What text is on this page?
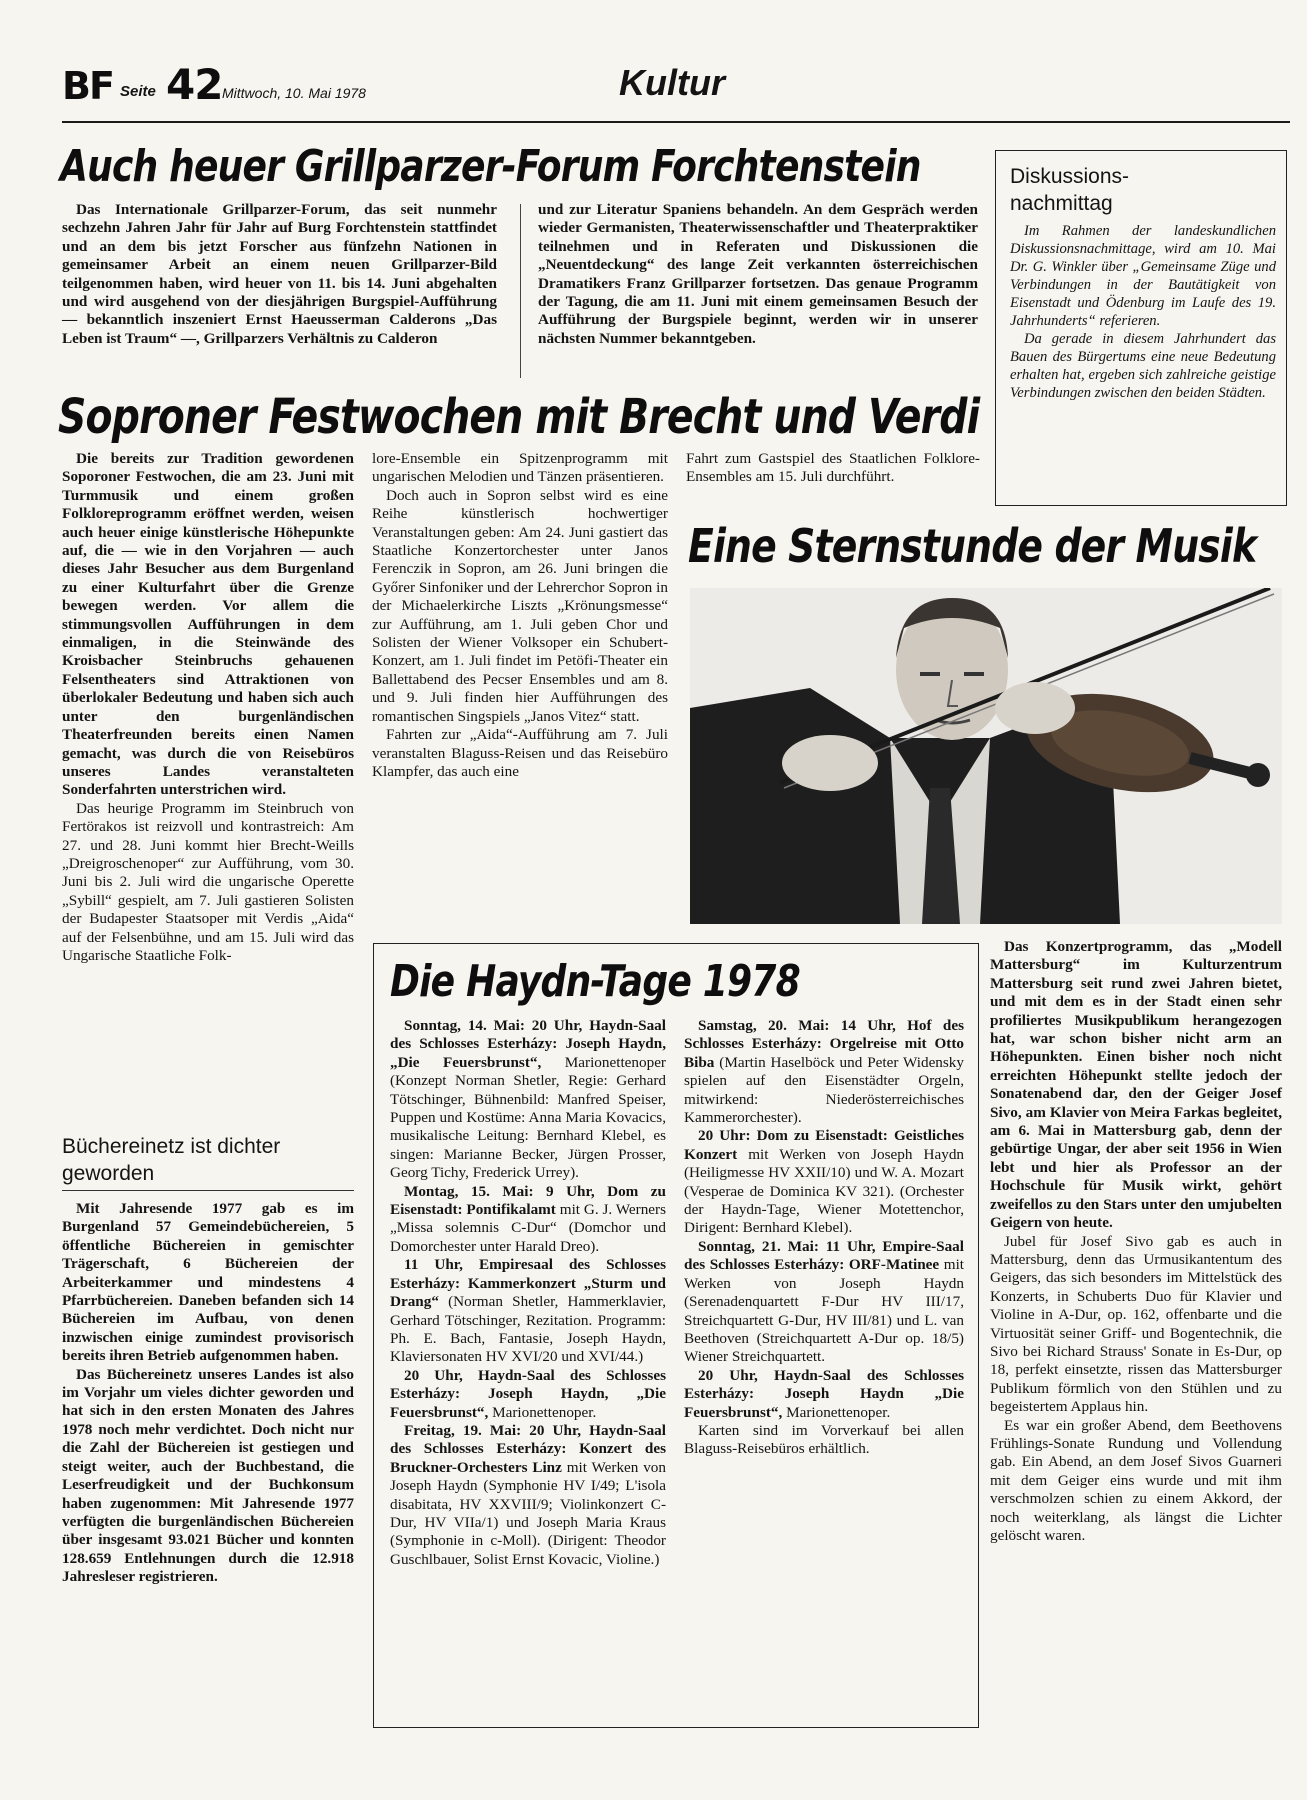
BF Seite 42 Mittwoch, 10. Mai 1978	Kultur
Auch heuer Grillparzer-Forum Forchtenstein

Das Internationale Grillparzer-Forum, das seit nunmehr sechzehn Jahren Jahr für Jahr auf Burg Forchtenstein stattfindet und an dem bis jetzt Forscher aus fünfzehn Nationen in gemeinsamer Arbeit an einem neuen Grillparzer-Bild teilgenommen haben, wird heuer von 11. bis 14. Juni abgehalten und wird ausgehend von der diesjährigen Burgspiel-Aufführung — bekanntlich inszeniert Ernst Haeusserman Calderons „Das Leben ist Traum“ —, Grillparzers Verhältnis zu Calderon

und zur Literatur Spaniens behandeln. An dem Gespräch werden wieder Germanisten, Theaterwissenschaftler und Theaterpraktiker teilnehmen und in Referaten und Diskussionen die „Neuentdeckung“ des lange Zeit verkannten österreichischen Dramatikers Franz Grillparzer fortsetzen. Das genaue Programm der Tagung, die am 11. Juni mit einem gemeinsamen Besuch der Aufführung der Burgspiele beginnt, werden wir in unserer nächsten Nummer bekanntgeben.

Diskussions-nachmittag

Im Rahmen der landeskundlichen Diskussionsnachmittage, wird am 10. Mai Dr. G. Winkler über „Gemeinsame Züge und Verbindungen in der Bautätigkeit von Eisenstadt und Ödenburg im Laufe des 19. Jahrhunderts“ referieren.

Da gerade in diesem Jahrhundert das Bauen des Bürgertums eine neue Bedeutung erhalten hat, ergeben sich zahlreiche geistige Verbindungen zwischen den beiden Städten.

Soproner Festwochen mit Brecht und Verdi

Die bereits zur Tradition gewordenen Soporoner Festwochen, die am 23. Juni mit Turmmusik und einem großen Folkloreprogramm eröffnet werden, weisen auch heuer einige künstlerische Höhepunkte auf, die — wie in den Vorjahren — auch dieses Jahr Besucher aus dem Burgenland zu einer Kulturfahrt über die Grenze bewegen werden. Vor allem die stimmungsvollen Aufführungen in dem einmaligen, in die Steinwände des Kroisbacher Steinbruchs gehauenen Felsentheaters sind Attraktionen von überlokaler Bedeutung und haben sich auch unter den burgenländischen Theaterfreunden bereits einen Namen gemacht, was durch die von Reisebüros unseres Landes veranstalteten Sonderfahrten unterstrichen wird.

Das heurige Programm im Steinbruch von Fertörakos ist reizvoll und kontrastreich: Am 27. und 28. Juni kommt hier Brecht-Weills „Dreigroschenoper“ zur Aufführung, vom 30. Juni bis 2. Juli wird die ungarische Operette „Sybill“ gespielt, am 7. Juli gastieren Solisten der Budapester Staatsoper mit Verdis „Aida“ auf der Felsenbühne, und am 15. Juli wird das Ungarische Staatliche Folk-

lore-Ensemble ein Spitzenprogramm mit ungarischen Melodien und Tänzen präsentieren.

Doch auch in Sopron selbst wird es eine Reihe künstlerisch hochwertiger Veranstaltungen geben: Am 24. Juni gastiert das Staatliche Konzertorchester unter Janos Ferenczik in Sopron, am 26. Juni bringen die Győrer Sinfoniker und der Lehrerchor Sopron in der Michaelerkirche Liszts „Krönungsmesse“ zur Aufführung, am 1. Juli geben Chor und Solisten der Wiener Volksoper ein Schubert-Konzert, am 1. Juli findet im Petöfi-Theater ein Ballettabend des Pecser Ensembles und am 8. und 9. Juli finden hier Aufführungen des romantischen Singspiels „Janos Vitez“ statt.

Fahrten zur „Aida“-Aufführung am 7. Juli veranstalten Blaguss-Reisen und das Reisebüro Klampfer, das auch eine

Fahrt zum Gastspiel des Staatlichen Folklore-Ensembles am 15. Juli durchführt.

Eine Sternstunde der Musik

Das Konzertprogramm, das „Modell Mattersburg“ im Kulturzentrum Mattersburg seit rund zwei Jahren bietet, und mit dem es in der Stadt einen sehr profiliertes Musikpublikum herangezogen hat, war schon bisher nicht arm an Höhepunkten. Einen bisher noch nicht erreichten Höhepunkt stellte jedoch der Sonatenabend dar, den der Geiger Josef Sivo, am Klavier von Meira Farkas begleitet, am 6. Mai in Mattersburg gab, denn der gebürtige Ungar, der aber seit 1956 in Wien lebt und hier als Professor an der Hochschule für Musik wirkt, gehört zweifellos zu den Stars unter den umjubelten Geigern von heute.

Jubel für Josef Sivo gab es auch in Mattersburg, denn das Urmusikantentum des Geigers, das sich besonders im Mittelstück des Konzerts, in Schuberts Duo für Klavier und Violine in A-Dur, op. 162, offenbarte und die Virtuosität seiner Griff- und Bogentechnik, die Sivo bei Richard Strauss' Sonate in Es-Dur, op 18, perfekt einsetzte, rissen das Mattersburger Publikum förmlich von den Stühlen und zu begeistertem Applaus hin.

Es war ein großer Abend, dem Beethovens Frühlings-Sonate Rundung und Vollendung gab. Ein Abend, an dem Josef Sivos Guarneri mit dem Geiger eins wurde und mit ihm verschmolzen schien zu einem Akkord, der noch weiterklang, als längst die Lichter gelöscht waren.

Büchereinetz ist dichter geworden

Mit Jahresende 1977 gab es im Burgenland 57 Gemeindebüchereien, 5 öffentliche Büchereien in gemischter Trägerschaft, 6 Büchereien der Arbeiterkammer und mindestens 4 Pfarrbüchereien. Daneben befanden sich 14 Büchereien im Aufbau, von denen inzwischen einige zumindest provisorisch bereits ihren Betrieb aufgenommen haben.

Das Büchereinetz unseres Landes ist also im Vorjahr um vieles dichter geworden und hat sich in den ersten Monaten des Jahres 1978 noch mehr verdichtet. Doch nicht nur die Zahl der Büchereien ist gestiegen und steigt weiter, auch der Buchbestand, die Leserfreudigkeit und der Buchkonsum haben zugenommen: Mit Jahresende 1977 verfügten die burgenländischen Büchereien über insgesamt 93.021 Bücher und konnten 128.659 Entlehnungen durch die 12.918 Jahresleser registrieren.

Die Haydn-Tage 1978

Sonntag, 14. Mai: 20 Uhr, Haydn-Saal des Schlosses Esterházy: Joseph Haydn, „Die Feuersbrunst“, Marionettenoper (Konzept Norman Shetler, Regie: Gerhard Tötschinger, Bühnenbild: Manfred Speiser, Puppen und Kostüme: Anna Maria Kovacics, musikalische Leitung: Bernhard Klebel, es singen: Marianne Becker, Jürgen Prosser, Georg Tichy, Frederick Urrey).

Montag, 15. Mai: 9 Uhr, Dom zu Eisenstadt: Pontifikalamt mit G. J. Werners „Missa solemnis C-Dur“ (Domchor und Domorchester unter Harald Dreo).

11 Uhr, Empiresaal des Schlosses Esterházy: Kammerkonzert „Sturm und Drang“ (Norman Shetler, Hammerklavier, Gerhard Tötschinger, Rezitation. Programm: Ph. E. Bach, Fantasie, Joseph Haydn, Klaviersonaten HV XVI/20 und XVI/44.)

20 Uhr, Haydn-Saal des Schlosses Esterházy: Joseph Haydn, „Die Feuersbrunst“, Marionettenoper.

Freitag, 19. Mai: 20 Uhr, Haydn-Saal des Schlosses Esterházy: Konzert des Bruckner-Orchesters Linz mit Werken von Joseph Haydn (Symphonie HV I/49; L'isola disabitata, HV XXVIII/9; Violinkonzert C-Dur, HV VIIa/1) und Joseph Maria Kraus (Symphonie in c-Moll). (Dirigent: Theodor Guschlbauer, Solist Ernst Kovacic, Violine.)

Samstag, 20. Mai: 14 Uhr, Hof des Schlosses Esterházy: Orgelreise mit Otto Biba (Martin Haselböck und Peter Widensky spielen auf den Eisenstädter Orgeln, mitwirkend: Niederösterreichisches Kammerorchester).

20 Uhr: Dom zu Eisenstadt: Geistliches Konzert mit Werken von Joseph Haydn (Heiligmesse HV XXII/10) und W. A. Mozart (Vesperae de Dominica KV 321). (Orchester der Haydn-Tage, Wiener Motettenchor, Dirigent: Bernhard Klebel).

Sonntag, 21. Mai: 11 Uhr, Empire-Saal des Schlosses Esterházy: ORF-Matinee mit Werken von Joseph Haydn (Serenadenquartett F-Dur HV III/17, Streichquartett G-Dur, HV III/81) und L. van Beethoven (Streichquartett A-Dur op. 18/5) Wiener Streichquartett.

20 Uhr, Haydn-Saal des Schlosses Esterházy: Joseph Haydn „Die Feuersbrunst“, Marionettenoper.

Karten sind im Vorverkauf bei allen Blaguss-Reisebüros erhältlich.
